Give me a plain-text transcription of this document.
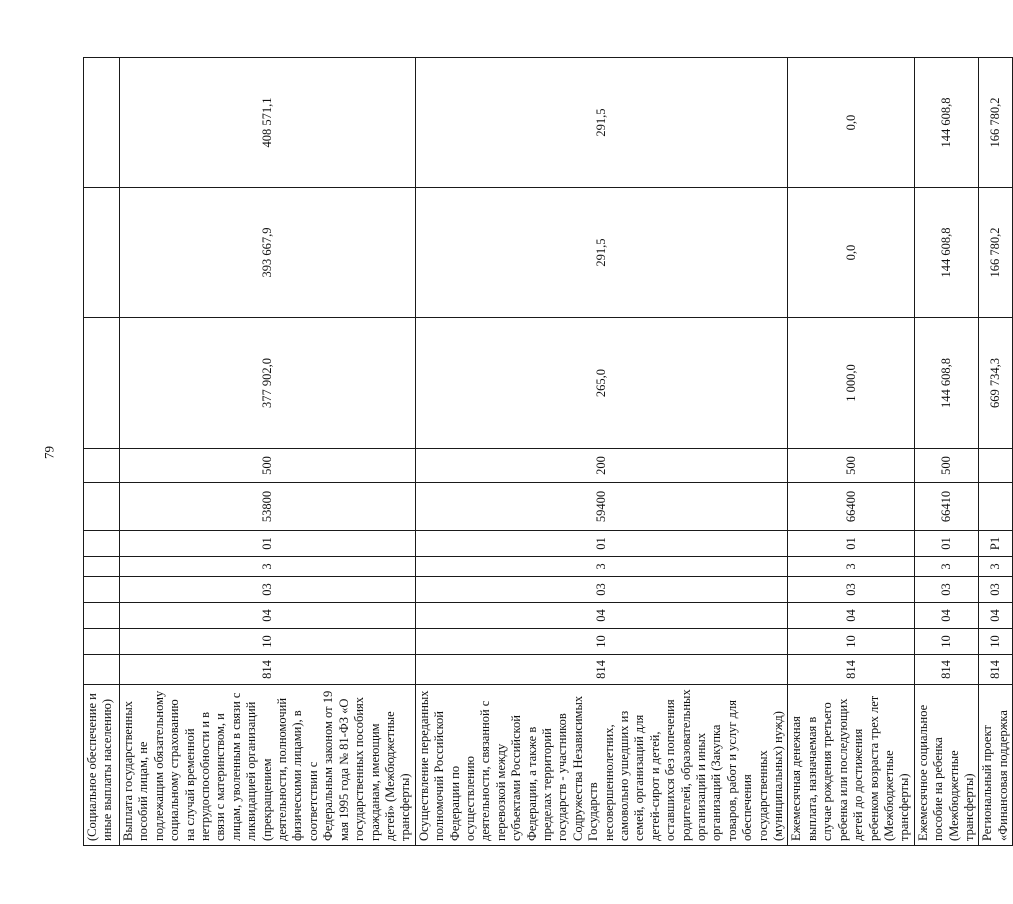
79
(Социальное обеспечение и иные выплаты населению)											
Выплата государственных пособий лицам, не подлежащим обязательному социальному страхованию на случай временной нетрудоспособности и в связи с материнством, и лицам, уволенным в связи с ликвидацией организаций (прекращением деятельности, полномочий физическими лицами), в соответствии с Федеральным законом от 19 мая 1995 года № 81-ФЗ «О государственных пособиях гражданам, имеющим детей» (Межбюджетные трансферты)	814	10	04	03	3	01	53800	500	377 902,0	393 667,9	408 571,1
Осуществление переданных полномочий Российской Федерации по осуществлению деятельности, связанной с перевозкой между субъектами Российской Федерации, а также в пределах территорий государств - участников Содружества Независимых Государств несовершеннолетних, самовольно ушедших из семей, организаций для детей-сирот и детей, оставшихся без попечения родителей, образовательных организаций и иных организаций (Закупка товаров, работ и услуг для обеспечения государственных (муниципальных) нужд)	814	10	04	03	3	01	59400	200	265,0	291,5	291,5
Ежемесячная денежная выплата, назначаемая в случае рождения третьего ребенка или последующих детей до достижения ребенком возраста трех лет (Межбюджетные трансферты)	814	10	04	03	3	01	66400	500	1 000,0	0,0	0,0
Ежемесячное социальное пособие на ребенка (Межбюджетные трансферты)	814	10	04	03	3	01	66410	500	144 608,8	144 608,8	144 608,8
Региональный проект «Финансовая поддержка	814	10	04	03	3	P1			669 734,3	166 780,2	166 780,2
